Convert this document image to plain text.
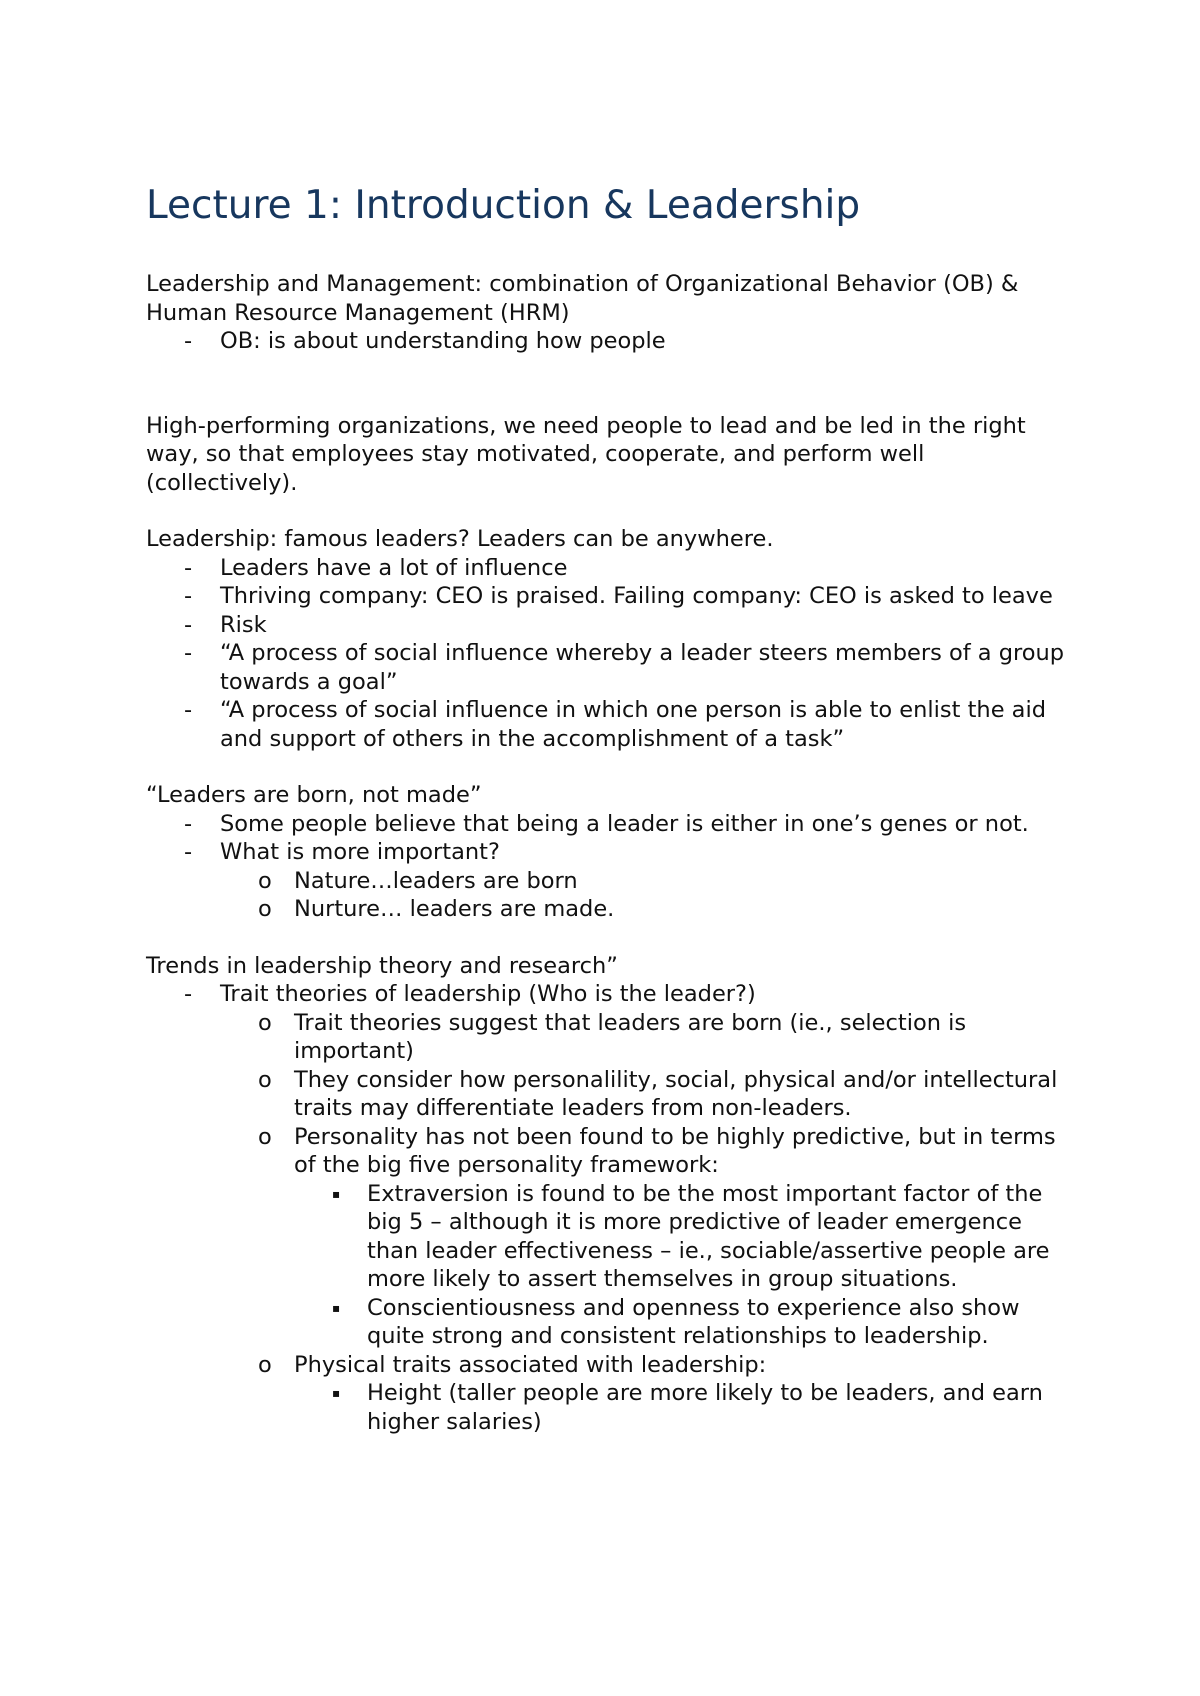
Lecture 1: Introduction & Leadership

Leadership and Management: combination of Organizational Behavior (OB) & Human Resource Management (HRM)

- OB: is about understanding how people

High-performing organizations, we need people to lead and be led in the right way, so that employees stay motivated, cooperate, and perform well (collectively).

Leadership: famous leaders? Leaders can be anywhere.

- Leaders have a lot of influence
- Thriving company: CEO is praised. Failing company: CEO is asked to leave
- Risk
- “A process of social influence whereby a leader steers members of a group towards a goal”
- “A process of social influence in which one person is able to enlist the aid and support of others in the accomplishment of a task”

“Leaders are born, not made”

- Some people believe that being a leader is either in one’s genes or not.
- What is more important?
o Nature…leaders are born
o Nurture… leaders are made.

Trends in leadership theory and research”

- Trait theories of leadership (Who is the leader?)
o Trait theories suggest that leaders are born (ie., selection is important)
o They consider how personalility, social, physical and/or intellectural traits may differentiate leaders from non-leaders.
o Personality has not been found to be highly predictive, but in terms of the big five personality framework:
▪ Extraversion is found to be the most important factor of the big 5 – although it is more predictive of leader emergence than leader effectiveness – ie., sociable/assertive people are more likely to assert themselves in group situations.
▪ Conscientiousness and openness to experience also show quite strong and consistent relationships to leadership.
o Physical traits associated with leadership:
▪ Height (taller people are more likely to be leaders, and earn higher salaries)
